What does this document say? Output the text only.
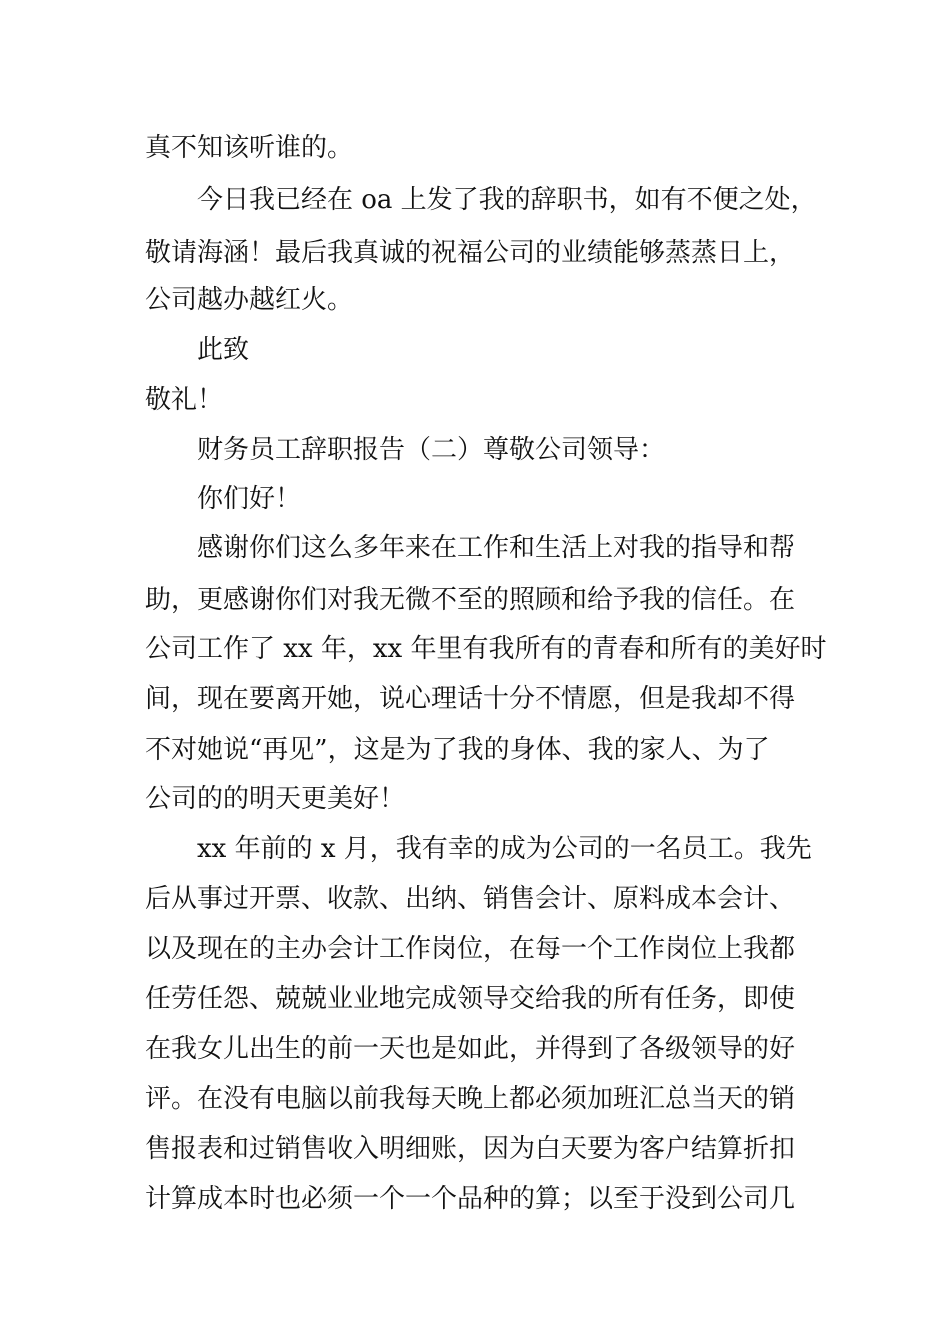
真不知该听谁的。
今日我已经在 oa 上发了我的辞职书，如有不便之处，
敬请海涵！最后我真诚的祝福公司的业绩能够蒸蒸日上，
公司越办越红火。
此致
敬礼！
财务员工辞职报告（二）尊敬公司领导：
你们好！
感谢你们这么多年来在工作和生活上对我的指导和帮
助，更感谢你们对我无微不至的照顾和给予我的信任。在
公司工作了 xx 年，xx 年里有我所有的青春和所有的美好时
间，现在要离开她，说心理话十分不情愿，但是我却不得
不对她说“再见”，这是为了我的身体、我的家人、为了
公司的的明天更美好！
xx 年前的 x 月，我有幸的成为公司的一名员工。我先
后从事过开票、收款、出纳、销售会计、原料成本会计、
以及现在的主办会计工作岗位，在每一个工作岗位上我都
任劳任怨、兢兢业业地完成领导交给我的所有任务，即使
在我女儿出生的前一天也是如此，并得到了各级领导的好
评。在没有电脑以前我每天晚上都必须加班汇总当天的销
售报表和过销售收入明细账，因为白天要为客户结算折扣
计算成本时也必须一个一个品种的算；以至于没到公司几
